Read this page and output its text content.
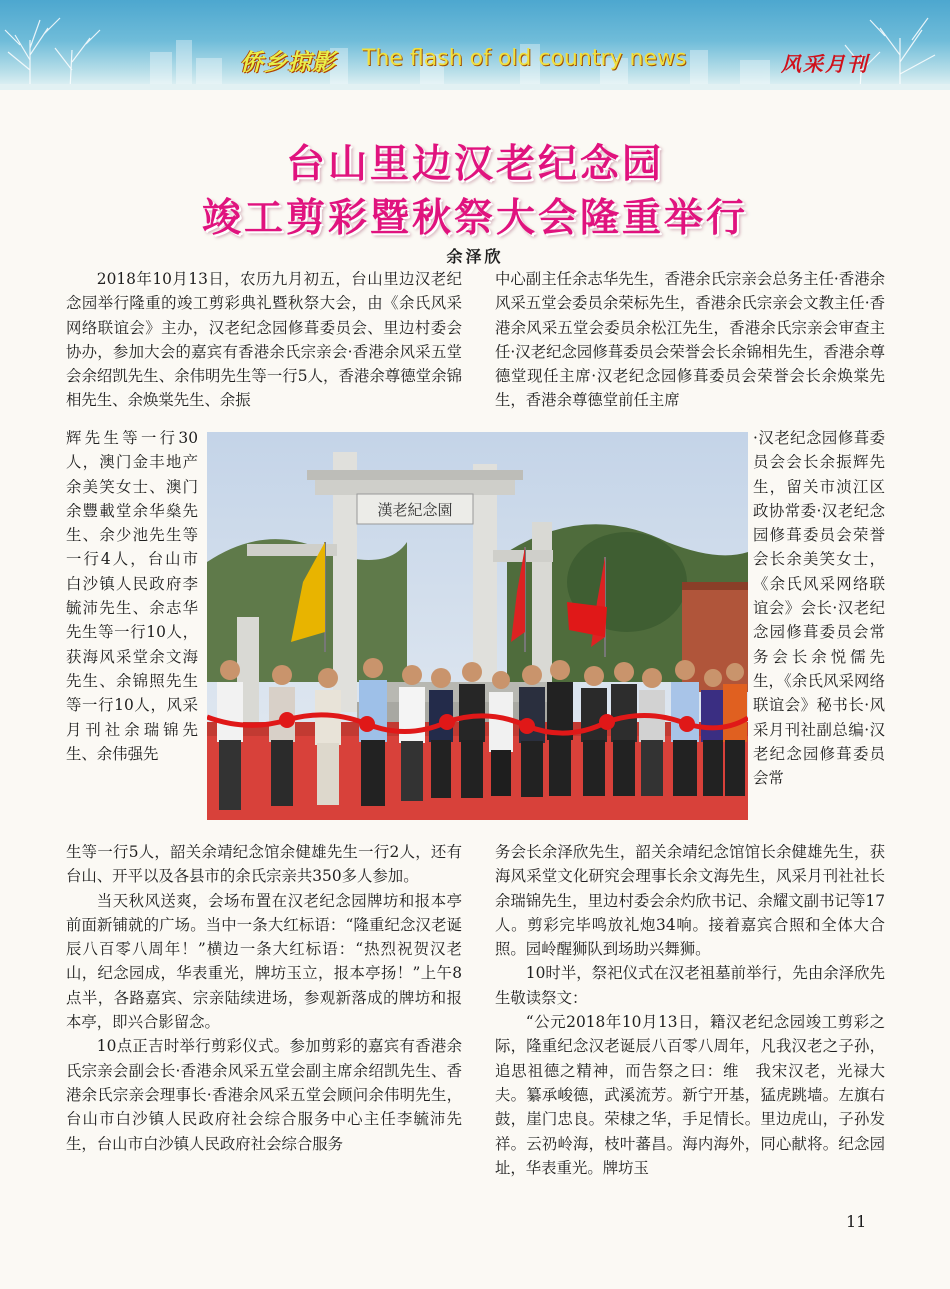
侨乡掠影 The flash of old country news	风采月刊
台山里边汉老纪念园
竣工剪彩暨秋祭大会隆重举行
余泽欣

2018年10月13日，农历九月初五，台山里边汉老纪念园举行隆重的竣工剪彩典礼暨秋祭大会，由《余氏风采网络联谊会》主办，汉老纪念园修葺委员会、里边村委会协办，参加大会的嘉宾有香港余氏宗亲会·香港余风采五堂会余绍凯先生、余伟明先生等一行5人，香港余尊德堂余锦相先生、余焕棠先生、余振

辉先生等一行30人，澳门金丰地产余美笑女士、澳门余豐載堂余华燊先生、余少池先生等一行4人，台山市白沙镇人民政府李毓沛先生、余志华先生等一行10人，获海风采堂余文海先生、余锦照先生等一行10人，风采月刊社余瑞锦先生、余伟强先

生等一行5人，韶关余靖纪念馆余健雄先生一行2人，还有台山、开平以及各县市的余氏宗亲共350多人参加。

当天秋风送爽，会场布置在汉老纪念园牌坊和报本亭前面新铺就的广场。当中一条大红标语：“隆重纪念汉老诞辰八百零八周年！”横边一条大红标语：“热烈祝贺汉老山，纪念园成，华表重光，牌坊玉立，报本亭扬！”上午8点半，各路嘉宾、宗亲陆续进场，参观新落成的牌坊和报本亭，即兴合影留念。

10点正吉时举行剪彩仪式。参加剪彩的嘉宾有香港余氏宗亲会副会长·香港余风采五堂会副主席余绍凯先生、香港余氏宗亲会理事长·香港余风采五堂会顾问余伟明先生，台山市白沙镇人民政府社会综合服务中心主任李毓沛先生，台山市白沙镇人民政府社会综合服务

中心副主任余志华先生，香港余氏宗亲会总务主任·香港余风采五堂会委员余荣标先生，香港余氏宗亲会文教主任·香港余风采五堂会委员余松江先生，香港余氏宗亲会审查主任·汉老纪念园修葺委员会荣誉会长余锦相先生，香港余尊德堂现任主席·汉老纪念园修葺委员会荣誉会长余焕棠先生，香港余尊德堂前任主席

·汉老纪念园修葺委员会会长余振辉先生，留关市浈江区政协常委·汉老纪念园修葺委员会荣誉会长余美笑女士，《余氏风采网络联谊会》会长·汉老纪念园修葺委员会常务会长余悦儒先生，《余氏风采网络联谊会》秘书长·风采月刊社副总编·汉老纪念园修葺委员会常

务会长余泽欣先生，韶关余靖纪念馆馆长余健雄先生，获海风采堂文化研究会理事长余文海先生，风采月刊社社长余瑞锦先生，里边村委会余灼欣书记、余耀文副书记等17人。剪彩完毕鸣放礼炮34响。接着嘉宾合照和全体大合照。园岭醒狮队到场助兴舞狮。

10时半，祭祀仪式在汉老祖墓前举行，先由余泽欣先生敬读祭文：

“公元2018年10月13日，籍汉老纪念园竣工剪彩之际，隆重纪念汉老诞辰八百零八周年，凡我汉老之子孙，追思祖德之精神，而告祭之曰：维　我宋汉老，光禄大夫。纂承峻德，武溪流芳。新宁开基，猛虎跳墙。左旗右鼓，崖门忠良。荣棣之华，手足情长。里边虎山，子孙发祥。云礽岭海，枝叶蕃昌。海内海外，同心献将。纪念园址，华表重光。牌坊玉

漢老紀念園
11
